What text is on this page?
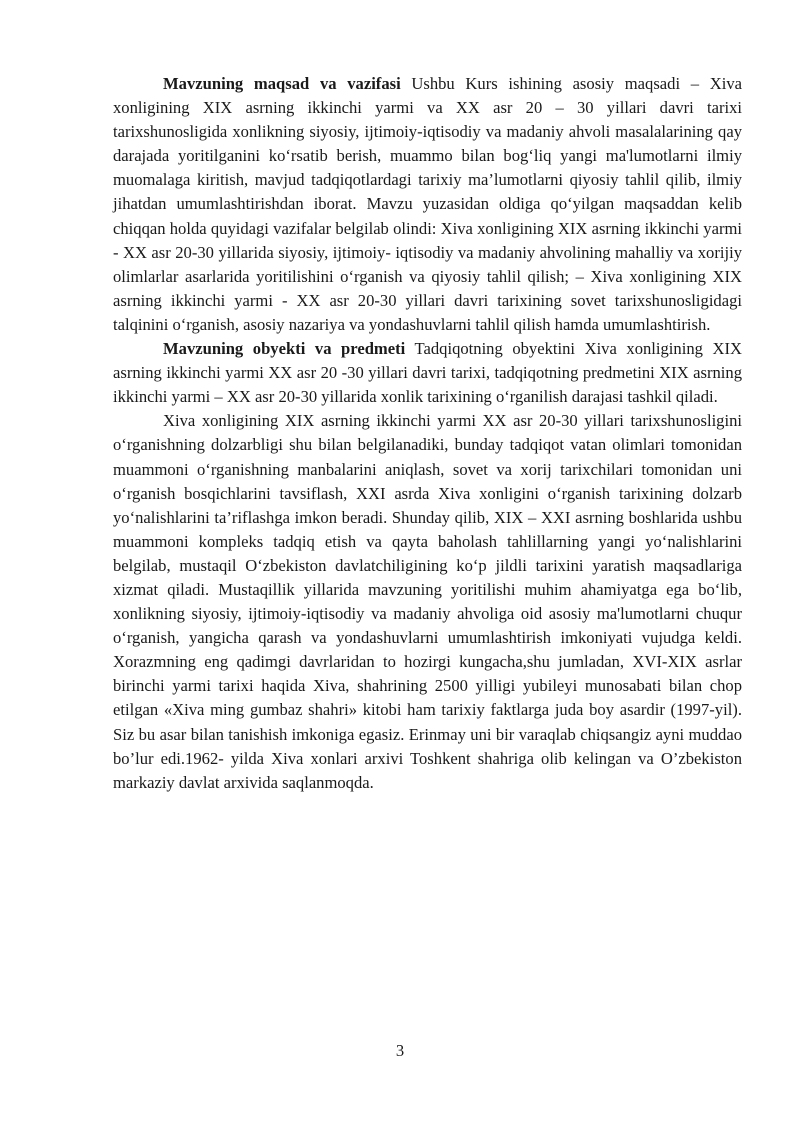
Mavzuning maqsad va vazifasi Ushbu Kurs ishining asosiy maqsadi – Xiva xonligining XIX asrning ikkinchi yarmi va XX asr 20 – 30 yillari davri tarixi tarixshunosligida xonlikning siyosiy, ijtimoiy-iqtisodiy va madaniy ahvoli masalalarining qay darajada yoritilganini ko‘rsatib berish, muammo bilan bog‘liq yangi ma'lumotlarni ilmiy muomalaga kiritish, mavjud tadqiqotlardagi tarixiy ma’lumotlarni qiyosiy tahlil qilib, ilmiy jihatdan umumlashtirishdan iborat. Mavzu yuzasidan oldiga qo‘yilgan maqsaddan kelib chiqqan holda quyidagi vazifalar belgilab olindi: Xiva xonligining XIX asrning ikkinchi yarmi - XX asr 20-30 yillarida siyosiy, ijtimoiy- iqtisodiy va madaniy ahvolining mahalliy va xorijiy olimlarlar asarlarida yoritilishini o‘rganish va qiyosiy tahlil qilish; – Xiva xonligining XIX asrning ikkinchi yarmi - XX asr 20-30 yillari davri tarixining sovet tarixshunosligidagi talqinini o‘rganish, asosiy nazariya va yondashuvlarni tahlil qilish hamda umumlashtirish.

Mavzuning obyekti va predmeti Tadqiqotning obyektini Xiva xonligining XIX asrning ikkinchi yarmi XX asr 20 -30 yillari davri tarixi, tadqiqotning predmetini XIX asrning ikkinchi yarmi – XX asr 20-30 yillarida xonlik tarixining o‘rganilish darajasi tashkil qiladi.

Xiva xonligining XIX asrning ikkinchi yarmi XX asr 20-30 yillari tarixshunosligini o‘rganishning dolzarbligi shu bilan belgilanadiki, bunday tadqiqot vatan olimlari tomonidan muammoni o‘rganishning manbalarini aniqlash, sovet va xorij tarixchilari tomonidan uni o‘rganish bosqichlarini tavsiflash, XXI asrda Xiva xonligini o‘rganish tarixining dolzarb yo‘nalishlarini ta’riflashga imkon beradi. Shunday qilib, XIX – XXI asrning boshlarida ushbu muammoni kompleks tadqiq etish va qayta baholash tahlillarning yangi yo‘nalishlarini belgilab, mustaqil O‘zbekiston davlatchiligining ko‘p jildli tarixini yaratish maqsadlariga xizmat qiladi. Mustaqillik yillarida mavzuning yoritilishi muhim ahamiyatga ega bo‘lib, xonlikning siyosiy, ijtimoiy-iqtisodiy va madaniy ahvoliga oid asosiy ma'lumotlarni chuqur o‘rganish, yangicha qarash va yondashuvlarni umumlashtirish imkoniyati vujudga keldi. Xorazmning eng qadimgi davrlaridan to hozirgi kungacha,shu jumladan, XVI-XIX asrlar birinchi yarmi tarixi haqida Xiva, shahrining 2500 yilligi yubileyi munosabati bilan chop etilgan «Xiva ming gumbaz shahri» kitobi ham tarixiy faktlarga juda boy asardir (1997-yil). Siz bu asar bilan tanishish imkoniga egasiz. Erinmay uni bir varaqlab chiqsangiz ayni muddao bo’lur edi.1962- yilda Xiva xonlari arxivi Toshkent shahriga olib kelingan va O’zbekiston markaziy davlat arxivida saqlanmoqda.

3
